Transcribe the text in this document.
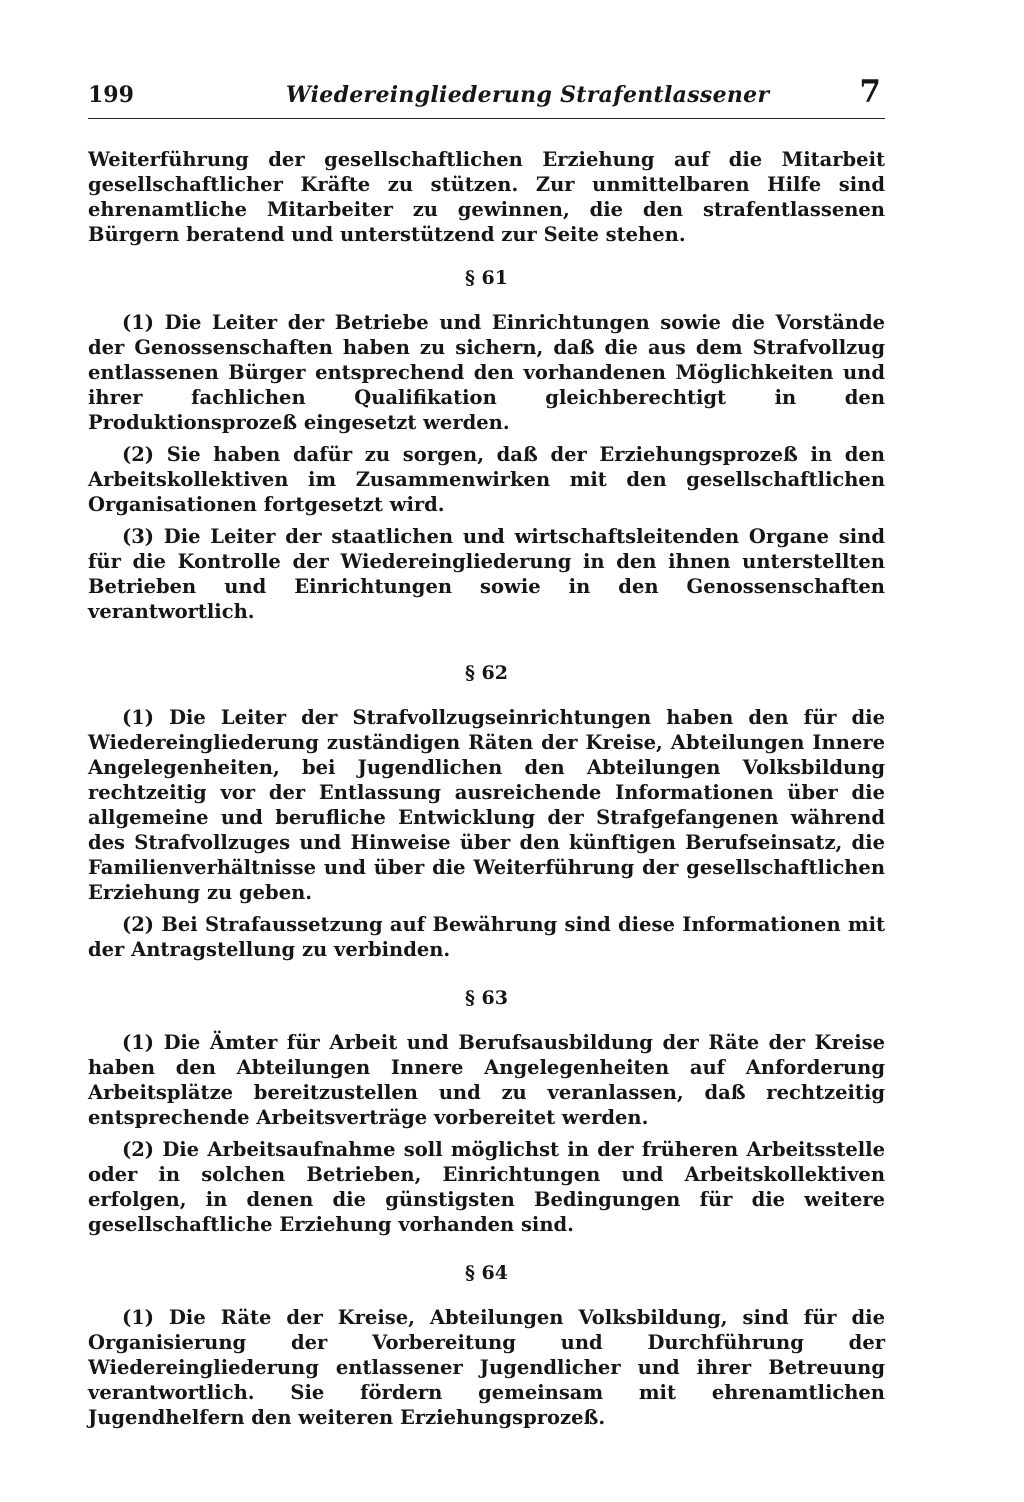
199	Wiedereingliederung Strafentlassener	7

Weiterführung der gesellschaftlichen Erziehung auf die Mitarbeit gesellschaftlicher Kräfte zu stützen. Zur unmittelbaren Hilfe sind ehrenamtliche Mitarbeiter zu gewinnen, die den strafentlassenen Bürgern beratend und unterstützend zur Seite stehen.

§ 61

(1) Die Leiter der Betriebe und Einrichtungen sowie die Vorstände der Genossenschaften haben zu sichern, daß die aus dem Strafvollzug entlassenen Bürger entsprechend den vorhandenen Möglichkeiten und ihrer fachlichen Qualifikation gleichberechtigt in den Produktionsprozeß eingesetzt werden.

(2) Sie haben dafür zu sorgen, daß der Erziehungsprozeß in den Arbeitskollektiven im Zusammenwirken mit den gesellschaftlichen Organisationen fortgesetzt wird.

(3) Die Leiter der staatlichen und wirtschaftsleitenden Organe sind für die Kontrolle der Wiedereingliederung in den ihnen unterstellten Betrieben und Einrichtungen sowie in den Genossenschaften verantwortlich.

§ 62

(1) Die Leiter der Strafvollzugseinrichtungen haben den für die Wiedereingliederung zuständigen Räten der Kreise, Abteilungen Innere Angelegenheiten, bei Jugendlichen den Abteilungen Volksbildung rechtzeitig vor der Entlassung ausreichende Informationen über die allgemeine und berufliche Entwicklung der Strafgefangenen während des Strafvollzuges und Hinweise über den künftigen Berufseinsatz, die Familienverhältnisse und über die Weiterführung der gesellschaftlichen Erziehung zu geben.

(2) Bei Strafaussetzung auf Bewährung sind diese Informationen mit der Antragstellung zu verbinden.

§ 63

(1) Die Ämter für Arbeit und Berufsausbildung der Räte der Kreise haben den Abteilungen Innere Angelegenheiten auf Anforderung Arbeitsplätze bereitzustellen und zu veranlassen, daß rechtzeitig entsprechende Arbeitsverträge vorbereitet werden.

(2) Die Arbeitsaufnahme soll möglichst in der früheren Arbeitsstelle oder in solchen Betrieben, Einrichtungen und Arbeitskollektiven erfolgen, in denen die günstigsten Bedingungen für die weitere gesellschaftliche Erziehung vorhanden sind.

§ 64

(1) Die Räte der Kreise, Abteilungen Volksbildung, sind für die Organisierung der Vorbereitung und Durchführung der Wiedereingliederung entlassener Jugendlicher und ihrer Betreuung verantwortlich. Sie fördern gemeinsam mit ehrenamtlichen Jugendhelfern den weiteren Erziehungsprozeß.
